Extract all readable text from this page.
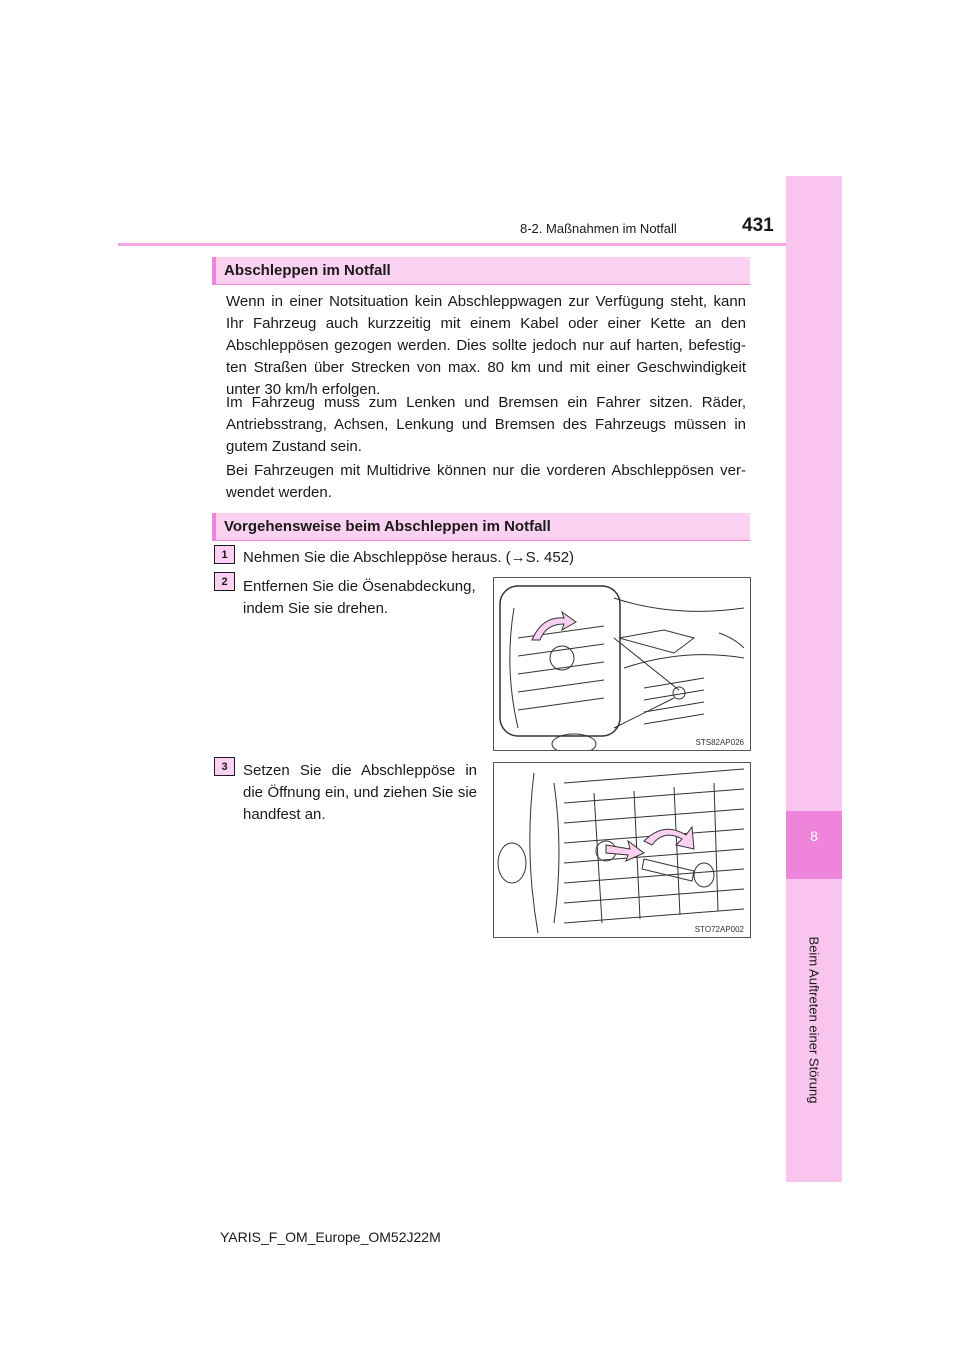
8-2. Maßnahmen im Notfall	431
8
Beim Auftreten einer Störung
Abschleppen im Notfall

Wenn in einer Notsituation kein Abschleppwagen zur Verfügung steht, kann Ihr Fahrzeug auch kurzzeitig mit einem Kabel oder einer Kette an den Abschleppösen gezogen werden. Dies sollte jedoch nur auf harten, befestig-ten Straßen über Strecken von max. 80 km und mit einer Geschwindigkeit unter 30 km/h erfolgen.

Im Fahrzeug muss zum Lenken und Bremsen ein Fahrer sitzen. Räder, Antriebsstrang, Achsen, Lenkung und Bremsen des Fahrzeugs müssen in gutem Zustand sein.

Bei Fahrzeugen mit Multidrive können nur die vorderen Abschleppösen ver-wendet werden.

Vorgehensweise beim Abschleppen im Notfall
1	Nehmen Sie die Abschleppöse heraus. (→S. 452)

2	Entfernen Sie die Ösenabdeckung, indem Sie sie drehen.

3	Setzen Sie die Abschleppöse in die Öffnung ein, und ziehen Sie sie handfest an.

STS82AP026
STO72AP002
YARIS_F_OM_Europe_OM52J22M
